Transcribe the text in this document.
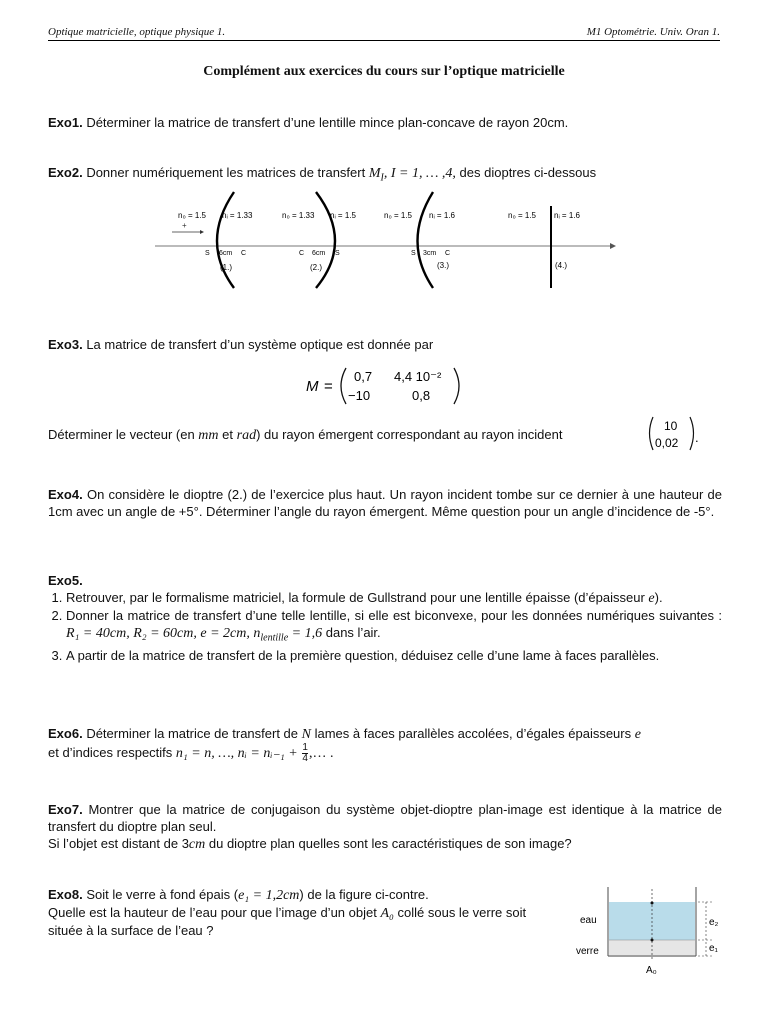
Optique matricielle, optique physique 1.	M1 Optométrie. Univ. Oran 1.
Complément aux exercices du cours sur l’optique matricielle
Exo1. Déterminer la matrice de transfert d’une lentille mince plan-concave de rayon 20cm.
Exo2. Donner numériquement les matrices de transfert $M_I$, I = 1, … ,4, des dioptres ci-dessous
+
n₀ = 1.5 nᵢ = 1.33
S 6cm C
(1.)
n₀ = 1.33 nᵢ = 1.5
C 6cm S
(2.)
n₀ = 1.5 nᵢ = 1.6
S 3cm C
(3.)
n₀ = 1.5 nᵢ = 1.6
(4.)
Exo3. La matrice de transfert d’un système optique est donnée par
M =
0,7 4,4 10⁻²
−10	0,8
Déterminer le vecteur (en mm et rad) du rayon émergent correspondant au rayon incident
10
0,02 .
Exo4. On considère le dioptre (2.) de l’exercice plus haut. Un rayon incident tombe sur ce dernier à une hauteur de 1cm avec un angle de +5°. Déterminer l’angle du rayon émergent. Même question pour un angle d’incidence de -5°.
Exo5.
1. Retrouver, par le formalisme matriciel, la formule de Gullstrand pour une lentille épaisse (d’épaisseur e).
2. Donner la matrice de transfert d’une telle lentille, si elle est biconvexe, pour les données numériques suivantes : R₁ = 40cm, R₂ = 60cm, e = 2cm, $n_{lentille} = 1,6$ dans l’air.
3. A partir de la matrice de transfert de la première question, déduisez celle d’une lame à faces parallèles.
Exo6. Déterminer la matrice de transfert de N lames à faces parallèles accolées, d’égales épaisseurs e
et d’indices respectifs n₁ = n, …, nᵢ = nᵢ₋₁ + $\frac{1}{4}$ ,… .
Exo7. Montrer que la matrice de conjugaison du système objet-dioptre plan-image est identique à la matrice de transfert du dioptre plan seul.
Si l’objet est distant de 3cm du dioptre plan quelles sont les caractéristiques de son image?
Exo8. Soit le verre à fond épais (e₁ = 1,2cm) de la figure ci-contre.
Quelle est la hauteur de l’eau pour que l’image d’un objet A₀ collé sous le verre soit située à la surface de l’eau ?
eau
verre
e₂
e₁
A₀
